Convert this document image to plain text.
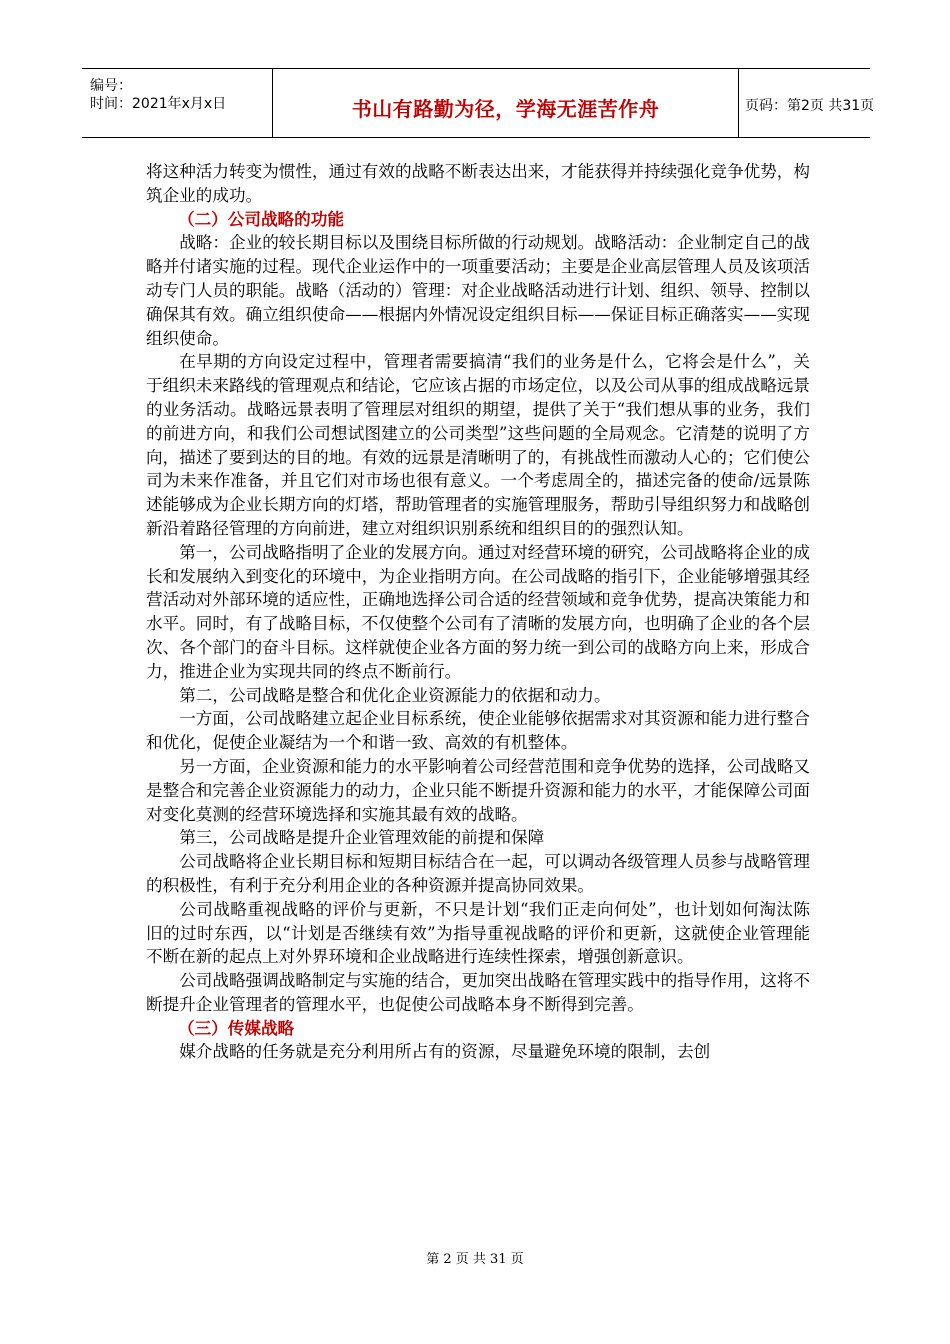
编号：
时间：2021年x月x日	书山有路勤为径，学海无涯苦作舟	页码：第2页 共31页

将这种活力转变为惯性，通过有效的战略不断表达出来，才能获得并持续强化竞争优势，构筑企业的成功。

（二）公司战略的功能

战略：企业的较长期目标以及围绕目标所做的行动规划。战略活动：企业制定自己的战略并付诸实施的过程。现代企业运作中的一项重要活动；主要是企业高层管理人员及该项活动专门人员的职能。战略（活动的）管理：对企业战略活动进行计划、组织、领导、控制以确保其有效。确立组织使命——根据内外情况设定组织目标——保证目标正确落实——实现组织使命。

在早期的方向设定过程中，管理者需要搞清“我们的业务是什么，它将会是什么”，关于组织未来路线的管理观点和结论，它应该占据的市场定位，以及公司从事的组成战略远景的业务活动。战略远景表明了管理层对组织的期望，提供了关于“我们想从事的业务，我们的前进方向，和我们公司想试图建立的公司类型”这些问题的全局观念。它清楚的说明了方向，描述了要到达的目的地。有效的远景是清晰明了的，有挑战性而激动人心的；它们使公司为未来作准备，并且它们对市场也很有意义。一个考虑周全的，描述完备的使命/远景陈述能够成为企业长期方向的灯塔，帮助管理者的实施管理服务，帮助引导组织努力和战略创新沿着路径管理的方向前进，建立对组织识别系统和组织目的的强烈认知。

第一，公司战略指明了企业的发展方向。通过对经营环境的研究，公司战略将企业的成长和发展纳入到变化的环境中，为企业指明方向。在公司战略的指引下，企业能够增强其经营活动对外部环境的适应性，正确地选择公司合适的经营领域和竞争优势，提高决策能力和水平。同时，有了战略目标，不仅使整个公司有了清晰的发展方向，也明确了企业的各个层次、各个部门的奋斗目标。这样就使企业各方面的努力统一到公司的战略方向上来，形成合力，推进企业为实现共同的终点不断前行。

第二，公司战略是整合和优化企业资源能力的依据和动力。

一方面，公司战略建立起企业目标系统，使企业能够依据需求对其资源和能力进行整合和优化，促使企业凝结为一个和谐一致、高效的有机整体。

另一方面，企业资源和能力的水平影响着公司经营范围和竞争优势的选择，公司战略又是整合和完善企业资源能力的动力，企业只能不断提升资源和能力的水平，才能保障公司面对变化莫测的经营环境选择和实施其最有效的战略。

第三，公司战略是提升企业管理效能的前提和保障

公司战略将企业长期目标和短期目标结合在一起，可以调动各级管理人员参与战略管理的积极性，有利于充分利用企业的各种资源并提高协同效果。

公司战略重视战略的评价与更新，不只是计划“我们正走向何处”，也计划如何淘汰陈旧的过时东西，以“计划是否继续有效”为指导重视战略的评价和更新，这就使企业管理能不断在新的起点上对外界环境和企业战略进行连续性探索，增强创新意识。

公司战略强调战略制定与实施的结合，更加突出战略在管理实践中的指导作用，这将不断提升企业管理者的管理水平，也促使公司战略本身不断得到完善。

（三）传媒战略

媒介战略的任务就是充分利用所占有的资源，尽量避免环境的限制，去创

第 2 页 共 31 页
